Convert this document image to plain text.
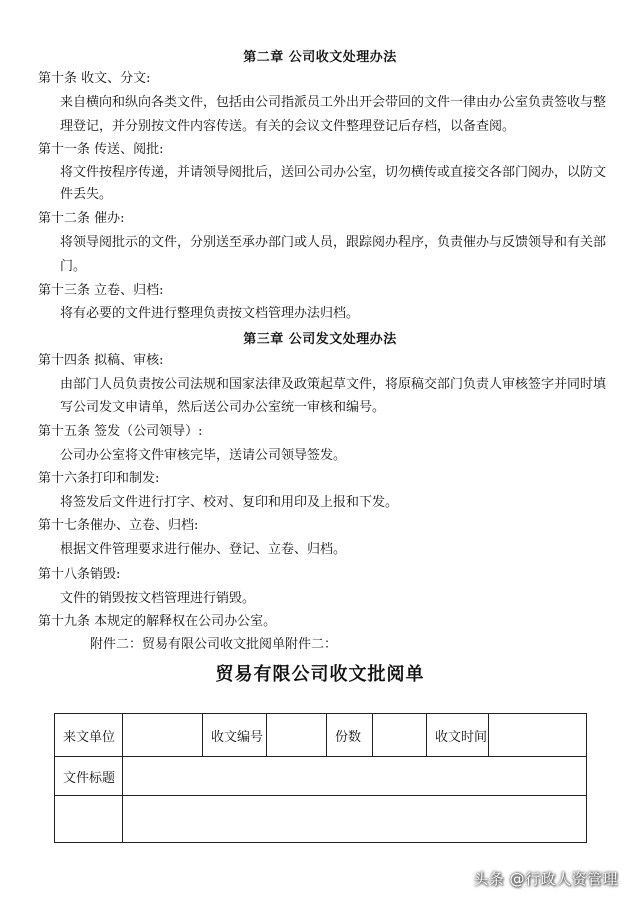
第二章 公司收文处理办法
第十条 收文、分文:
来自横向和纵向各类文件，包括由公司指派员工外出开会带回的文件一律由办公室负责签收与整
理登记，并分别按文件内容传送。有关的会议文件整理登记后存档，以备查阅。
第十一条 传送、阅批:
将文件按程序传递，并请领导阅批后，送回公司办公室，切勿横传或直接交各部门阅办，以防文
件丢失。
第十二条 催办:
将领导阅批示的文件，分别送至承办部门或人员，跟踪阅办程序，负责催办与反馈领导和有关部
门。
第十三条 立卷、归档:
将有必要的文件进行整理负责按文档管理办法归档。
第三章 公司发文处理办法
第十四条 拟稿、审核:
由部门人员负责按公司法规和国家法律及政策起草文件，将原稿交部门负责人审核签字并同时填
写公司发文申请单，然后送公司办公室统一审核和编号。
第十五条 签发（公司领导）:
公司办公室将文件审核完毕，送请公司领导签发。
第十六条打印和制发:
将签发后文件进行打字、校对、复印和用印及上报和下发。
第十七条催办、立卷、归档:
根据文件管理要求进行催办、登记、立卷、归档。
第十八条销毁:
文件的销毁按文档管理进行销毁。
第十九条 本规定的解释权在公司办公室。
附件二：贸易有限公司收文批阅单附件二：
贸易有限公司收文批阅单
来文单位		收文编号		份数		收文时间	
文件标题							

头条 @行政人资管理
